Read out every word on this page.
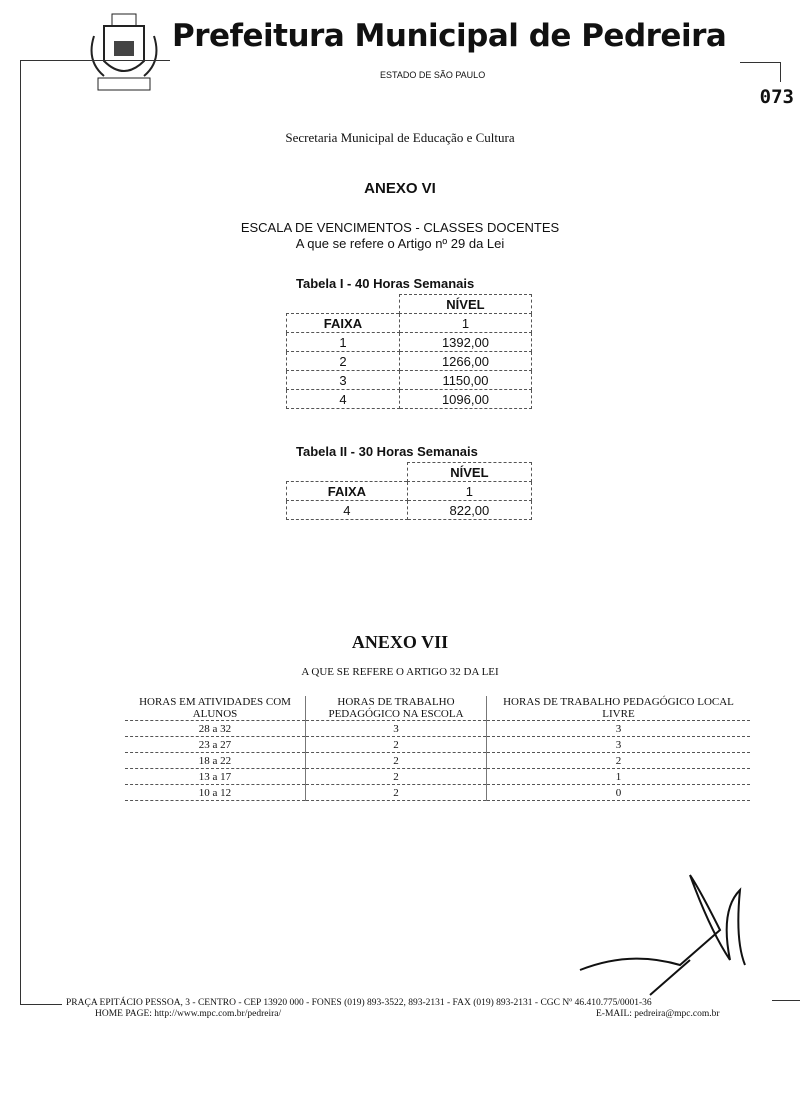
Prefeitura Municipal de Pedreira
ESTADO DE SÃO PAULO
073
Secretaria Municipal de Educação e Cultura
ANEXO VI
ESCALA DE VENCIMENTOS - CLASSES DOCENTES
A que se refere o Artigo nº 29 da Lei
Tabela I - 40 Horas Semanais
	NÍVEL
FAIXA	1
1	1392,00
2	1266,00
3	1150,00
4	1096,00
Tabela II - 30 Horas Semanais
	NÍVEL
FAIXA	1
4	822,00
ANEXO VII
A QUE SE REFERE O ARTIGO 32 DA LEI
HORAS EM ATIVIDADES COM ALUNOS	HORAS DE TRABALHO PEDAGÓGICO NA ESCOLA	HORAS DE TRABALHO PEDAGÓGICO LOCAL LIVRE
28 a 32	3	3
23 a 27	2	3
18 a 22	2	2
13 a 17	2	1
10 a 12	2	0
PRAÇA EPITÁCIO PESSOA, 3 - CENTRO - CEP 13920 000 - FONES (019) 893-3522, 893-2131 - FAX (019) 893-2131 - CGC Nº 46.410.775/0001-36
HOME PAGE: http://www.mpc.com.br/pedreira/	E-MAIL: pedreira@mpc.com.br
